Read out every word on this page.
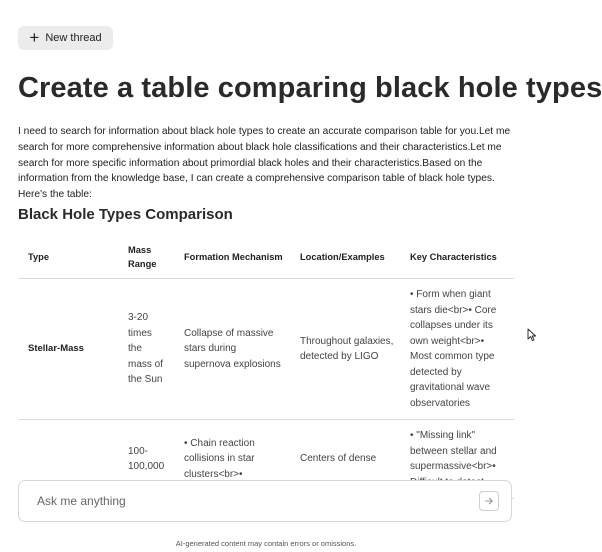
+ New thread
Create a table comparing black hole types

I need to search for information about black hole types to create an accurate comparison table for you.Let me search for more comprehensive information about black hole classifications and their characteristics.Let me search for more specific information about primordial black holes and their characteristics.Based on the information from the knowledge base, I can create a comprehensive comparison table of black hole types. Here's the table:

Black Hole Types Comparison
Type	Mass Range	Formation Mechanism	Location/Examples	Key Characteristics
Stellar-Mass	3-20 times the mass of the Sun	Collapse of massive stars during supernova explosions	Throughout galaxies, detected by LIGO	• Form when giant stars die<br>• Core collapses under its own weight<br>• Most common type detected by gravitational wave observatories
	100-100,000	• Chain reaction collisions in star clusters<br>•	Centers of dense	• "Missing link" between stellar and supermassive<br>•
Ask me anything

AI-generated content may contain errors or omissions.
